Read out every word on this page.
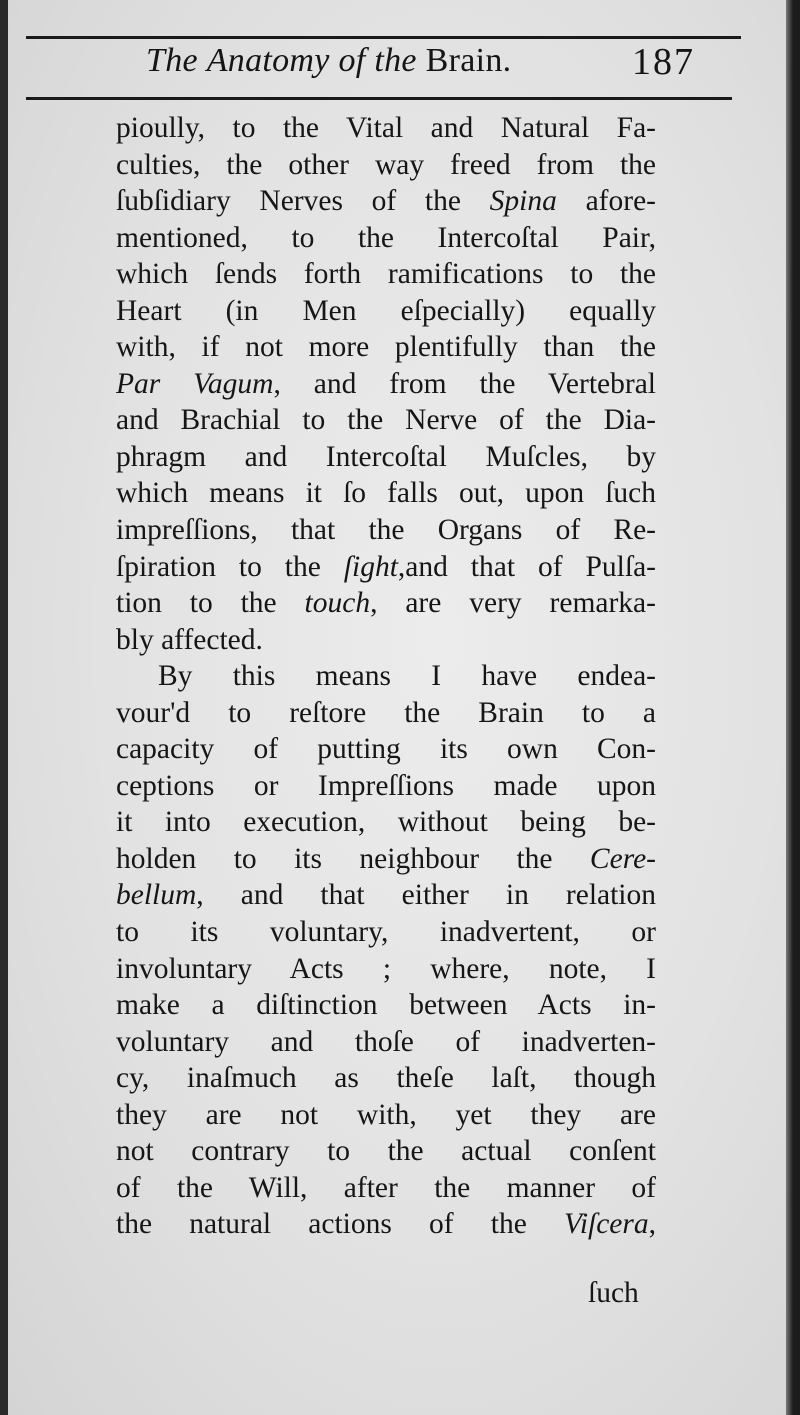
The Anatomy of the Brain.	187
pioully, to the Vital and Natural Fa-
culties, the other way freed from the
ſubſidiary Nerves of the Spina afore-
mentioned, to the Intercoſtal Pair,
which ſends forth ramifications to the
Heart (in Men eſpecially) equally
with, if not more plentifully than the
Par Vagum, and from the Vertebral
and Brachial to the Nerve of the Dia-
phragm and Intercoſtal Muſcles, by
which means it ſo falls out, upon ſuch
impreſſions, that the Organs of Re-
ſpiration to the ſight,and that of Pulſa-
tion to the touch, are very remarka-
bly affected.
By this means I have endea-
vour'd to reſtore the Brain to a
capacity of putting its own Con-
ceptions or Impreſſions made upon
it into execution, without being be-
holden to its neighbour the Cere-
bellum, and that either in relation
to its voluntary, inadvertent, or
involuntary Acts ; where, note, I
make a diſtinction between Acts in-
voluntary and thoſe of inadverten-
cy, inaſmuch as theſe laſt, though
they are not with, yet they are
not contrary to the actual conſent
of the Will, after the manner of
the natural actions of the Viſcera,
ſuch
